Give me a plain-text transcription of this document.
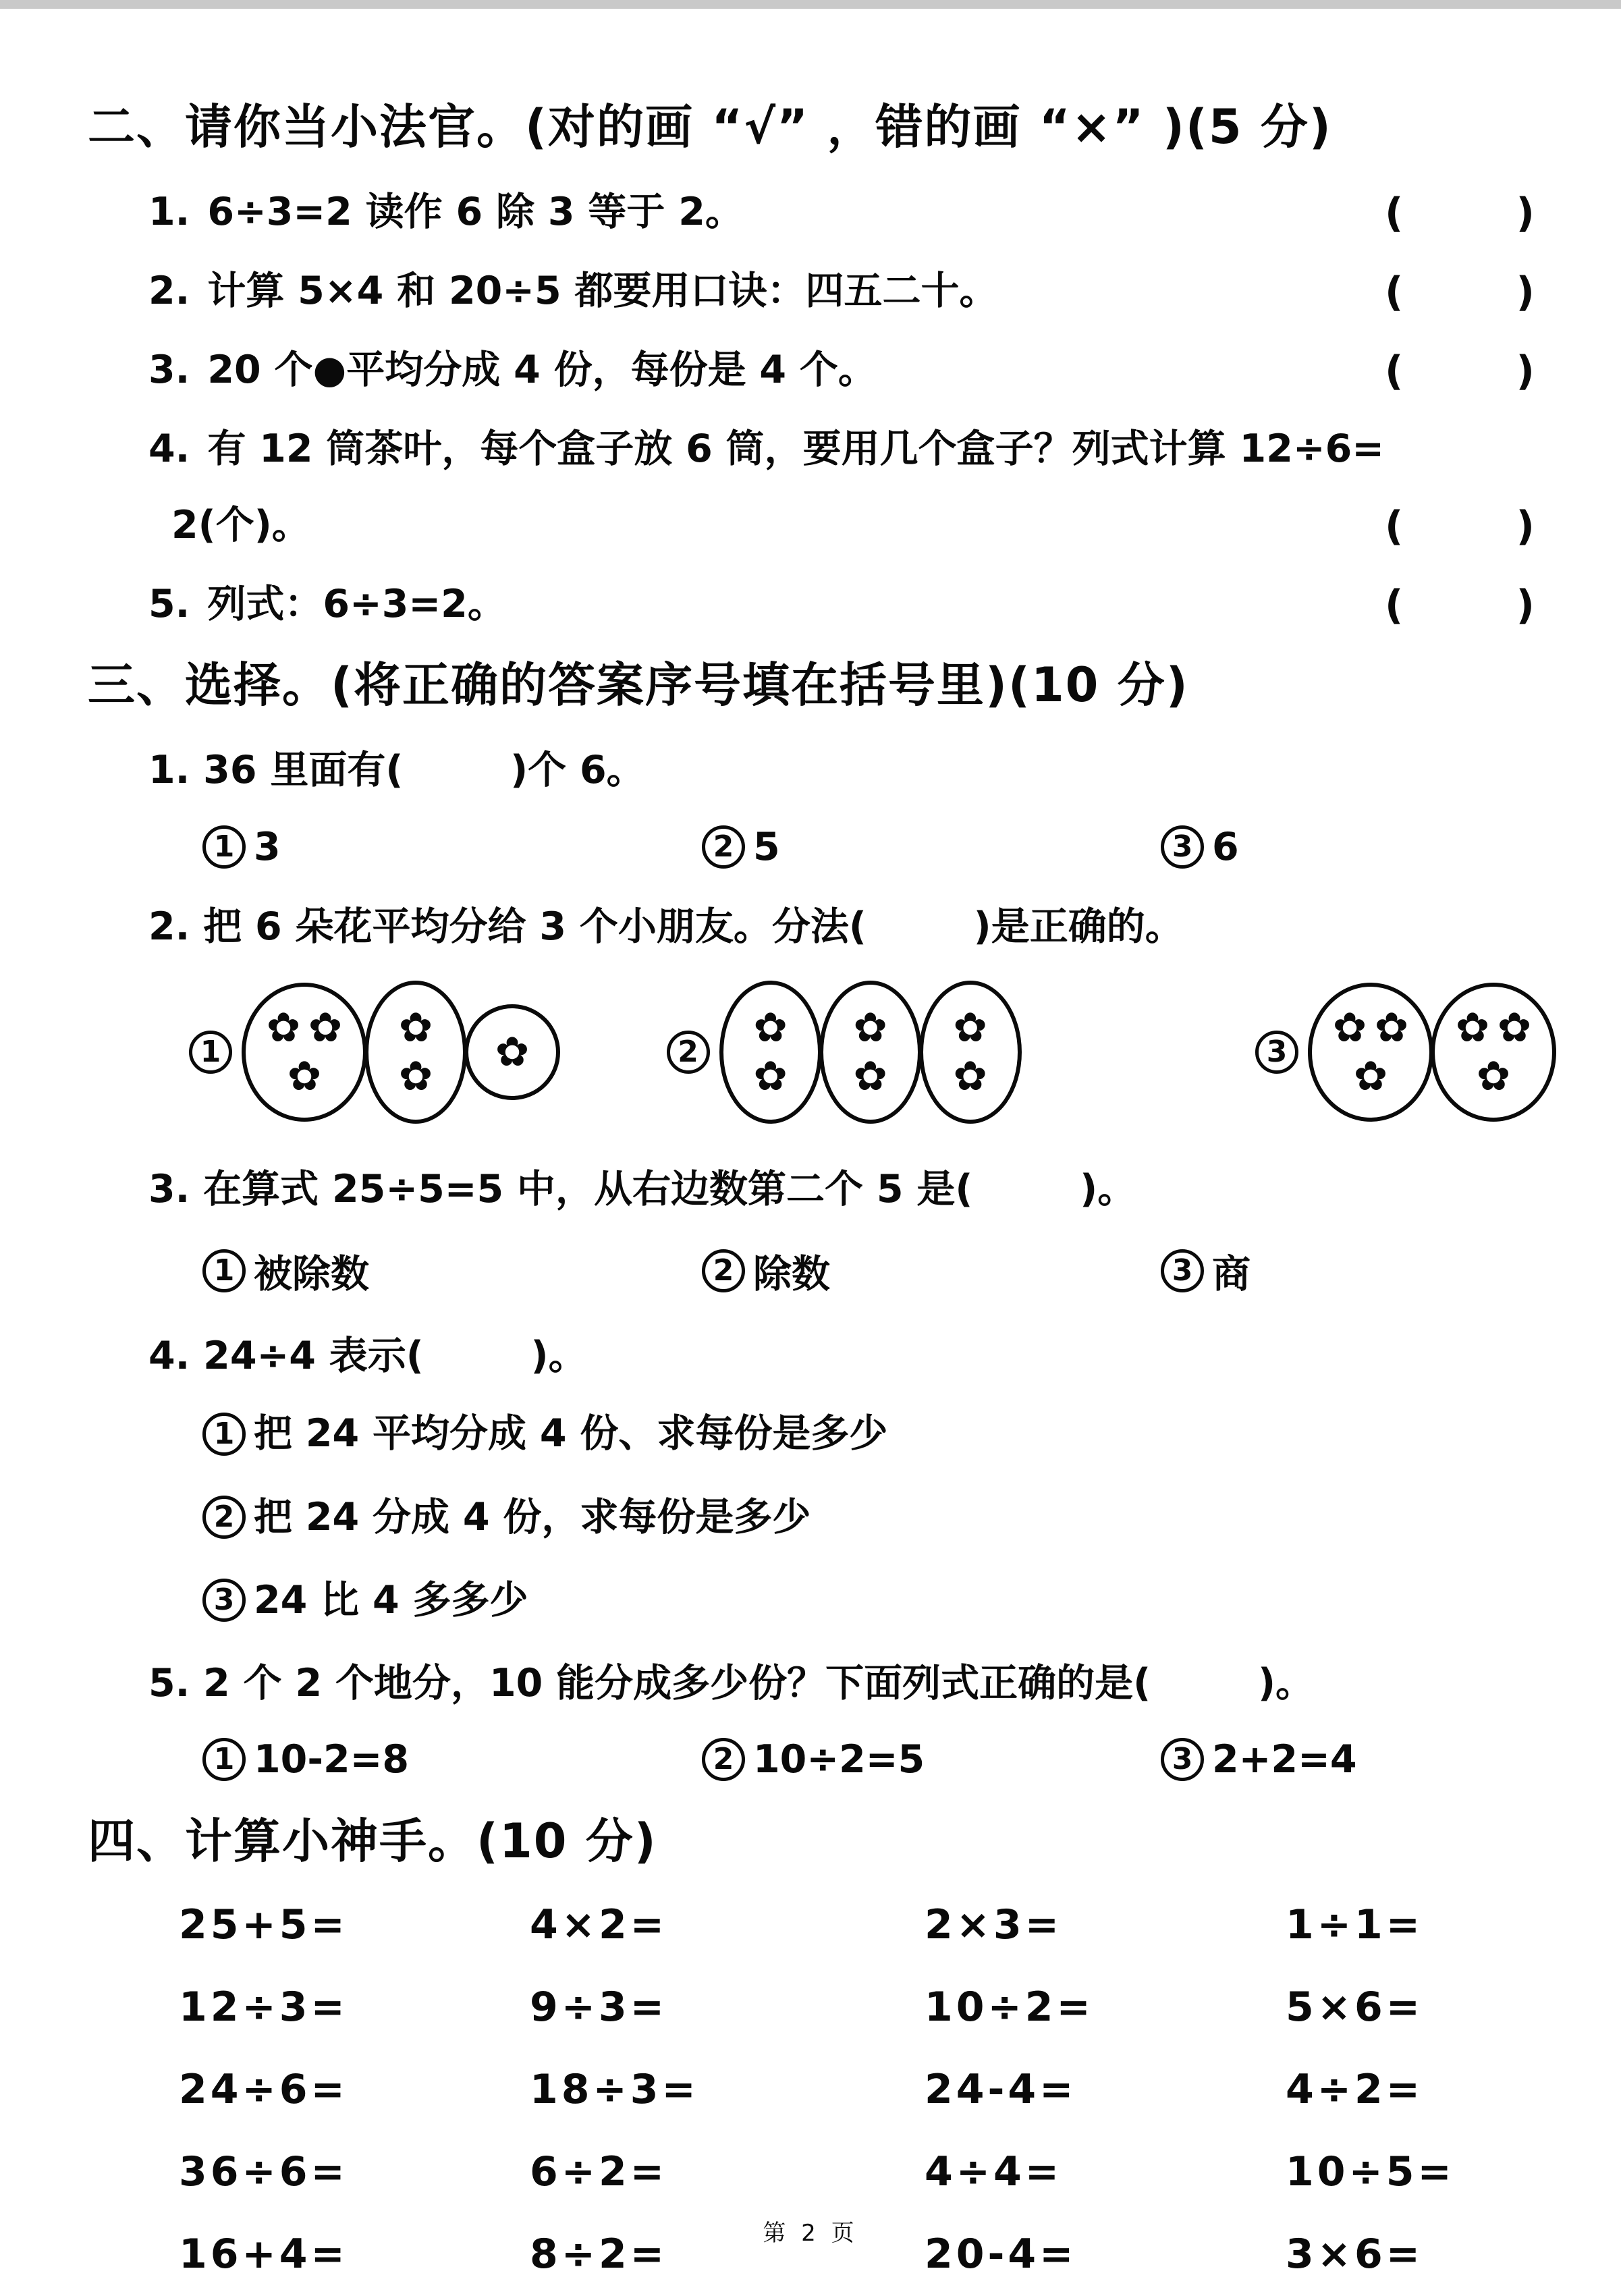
二、请你当小法官。(对的画 “√” ，错的画 “×” )(5 分)
1. 6÷3=2 读作 6 除 3 等于 2。	(        )
2. 计算 5×4 和 20÷5 都要用口诀：四五二十。	(        )
3. 20 个●平均分成 4 份，每份是 4 个。	(        )
4. 有 12 筒茶叶，每个盒子放 6 筒，要用几个盒子？列式计算 12÷6=
2(个)。	(        )
5. 列式：6÷3=2。	(        )
三、选择。(将正确的答案序号填在括号里)(10 分)
1. 36 里面有(        )个 6。
1 3	2 5	3 6
2. 把 6 朵花平均分给 3 个小朋友。分法(        )是正确的。
1
✿ ✿
✿
✿
✿
✿	2
✿
✿
✿
✿
✿
✿
3
✿ ✿
✿
✿ ✿
✿
3. 在算式 25÷5=5 中，从右边数第二个 5 是(        )。
1 被除数	2 除数	3 商
4. 24÷4 表示(        )。
1 把 24 平均分成 4 份、求每份是多少
2 把 24 分成 4 份，求每份是多少
3 24 比 4 多多少
5. 2 个 2 个地分，10 能分成多少份？下面列式正确的是(        )。
1 10-2=8	2 10÷2=5	3 2+2=4
四、计算小神手。(10 分)
25+5=	4×2=	2×3=	1÷1=
12÷3=	9÷3=	10÷2=	5×6=
24÷6=	18÷3=	24-4=	4÷2=
36÷6=	6÷2=	4÷4=	10÷5=
16+4=	8÷2=	20-4=	3×6=
第 2 页
